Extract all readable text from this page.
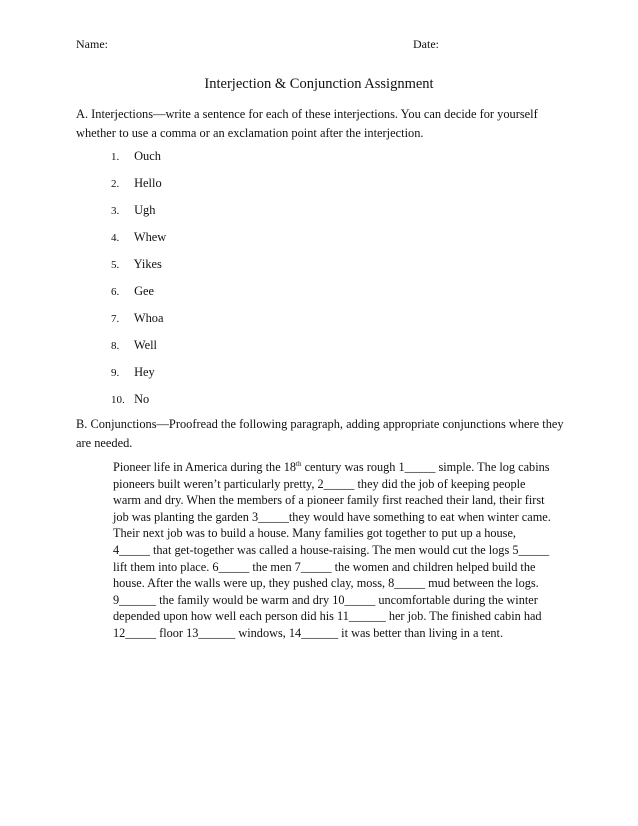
Name:	Date:
Interjection & Conjunction Assignment
A. Interjections—write a sentence for each of these interjections. You can decide for yourself whether to use a comma or an exclamation point after the interjection.
1. Ouch
2. Hello
3. Ugh
4. Whew
5. Yikes
6. Gee
7. Whoa
8. Well
9. Hey
10. No
B. Conjunctions—Proofread the following paragraph, adding appropriate conjunctions where they are needed.

Pioneer life in America during the 18th century was rough 1_____ simple. The log cabins

pioneers built weren’t particularly pretty, 2_____ they did the job of keeping people

warm and dry. When the members of a pioneer family first reached their land, their first

job was planting the garden 3_____they would have something to eat when winter came.

Their next job was to build a house. Many families got together to put up a house,

4_____ that get-together was called a house-raising. The men would cut the logs 5_____

lift them into place. 6_____ the men 7_____ the women and children helped build the

house. After the walls were up, they pushed clay, moss, 8_____ mud between the logs.

9______ the family would be warm and dry 10_____ uncomfortable during the winter

depended upon how well each person did his 11______ her job. The finished cabin had

12_____ floor 13______ windows, 14______ it was better than living in a tent.
